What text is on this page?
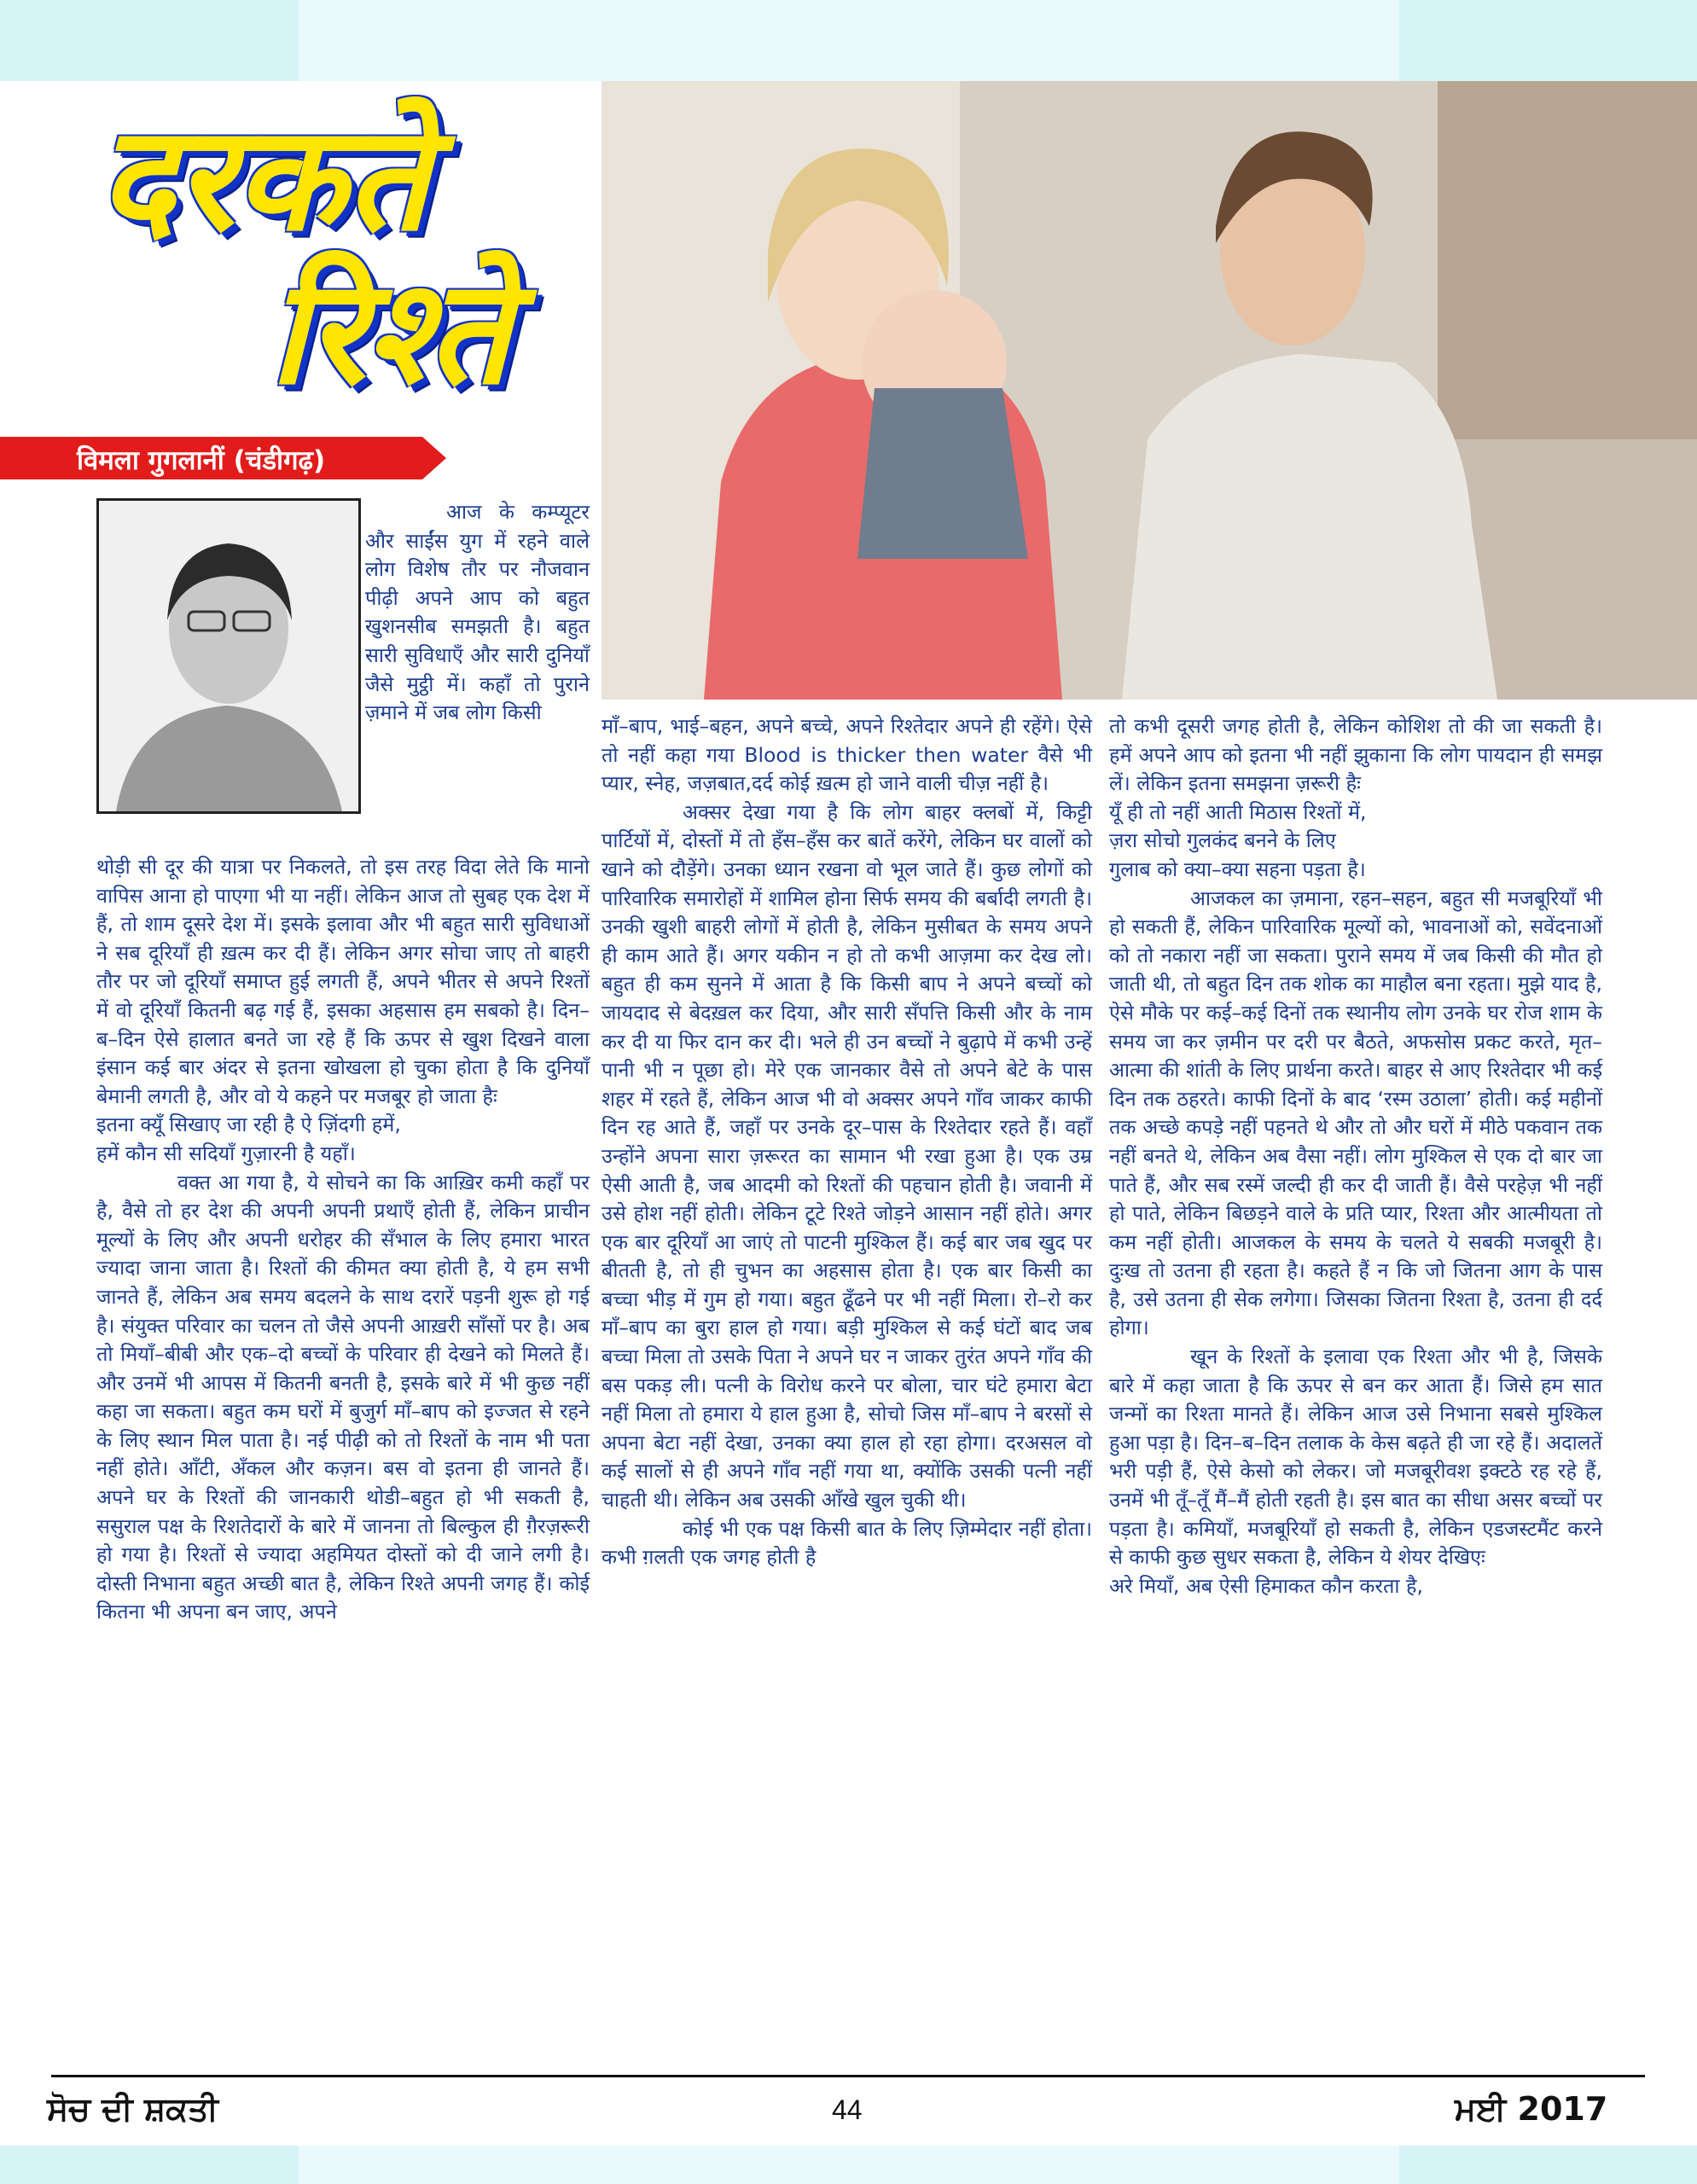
दरकते
रिश्ते
विमला गुगलानीं (चंडीगढ़)

आज के कम्प्यूटर और साईंस युग में रहने वाले लोग विशेष तौर पर नौजवान पीढ़ी अपने आप को बहुत खुशनसीब समझती है। बहुत सारी सुविधाएँ और सारी दुनियाँ जैसे मुट्ठी में। कहाँ तो पुराने ज़माने में जब लोग किसी

थोड़ी सी दूर की यात्रा पर निकलते, तो इस तरह विदा लेते कि मानो वापिस आना हो पाएगा भी या नहीं। लेकिन आज तो सुबह एक देश में हैं, तो शाम दूसरे देश में। इसके इलावा और भी बहुत सारी सुविधाओं ने सब दूरियाँ ही ख़त्म कर दी हैं। लेकिन अगर सोचा जाए तो बाहरी तौर पर जो दूरियाँ समाप्त हुई लगती हैं, अपने भीतर से अपने रिश्तों में वो दूरियाँ कितनी बढ़ गई हैं, इसका अहसास हम सबको है। दिन–ब–दिन ऐसे हालात बनते जा रहे हैं कि ऊपर से खुश दिखने वाला इंसान कई बार अंदर से इतना खोखला हो चुका होता है कि दुनियाँ बेमानी लगती है, और वो ये कहने पर मजबूर हो जाता हैः

इतना क्यूँ सिखाए जा रही है ऐ ज़िंदगी हमें,

हमें कौन सी सदियाँ गुज़ारनी है यहाँ।

वक्त आ गया है, ये सोचने का कि आख़िर कमी कहाँ पर है, वैसे तो हर देश की अपनी अपनी प्रथाएँ होती हैं, लेकिन प्राचीन मूल्यों के लिए और अपनी धरोहर की सँभाल के लिए हमारा भारत ज्यादा जाना जाता है। रिश्तों की कीमत क्या होती है, ये हम सभी जानते हैं, लेकिन अब समय बदलने के साथ दरारें पड़नी शुरू हो गई है। संयुक्त परिवार का चलन तो जैसे अपनी आख़री साँसों पर है। अब तो मियाँ–बीबी और एक–दो बच्चों के परिवार ही देखने को मिलते हैं। और उनमें भी आपस में कितनी बनती है, इसके बारे में भी कुछ नहीं कहा जा सकता। बहुत कम घरों में बुजुर्ग माँ–बाप को इज्जत से रहने के लिए स्थान मिल पाता है। नई पीढ़ी को तो रिश्तों के नाम भी पता नहीं होते। आँटी, अँकल और कज़न। बस वो इतना ही जानते हैं। अपने घर के रिश्तों की जानकारी थोडी–बहुत हो भी सकती है, ससुराल पक्ष के रिशतेदारों के बारे में जानना तो बिल्कुल ही ग़ैरज़रूरी हो गया है। रिश्तों से ज्यादा अहमियत दोस्तों को दी जाने लगी है। दोस्ती निभाना बहुत अच्छी बात है, लेकिन रिश्ते अपनी जगह हैं। कोई कितना भी अपना बन जाए, अपने

माँ–बाप, भाई–बहन, अपने बच्चे, अपने रिश्तेदार अपने ही रहेंगे। ऐसे तो नहीं कहा गया Blood is thicker then water वैसे भी प्यार, स्नेह, जज़बात,दर्द कोई ख़त्म हो जाने वाली चीज़ नहीं है।

अक्सर देखा गया है कि लोग बाहर क्लबों में, किट्टी पार्टियों में, दोस्तों में तो हँस–हँस कर बातें करेंगे, लेकिन घर वालों को खाने को दौड़ेंगे। उनका ध्यान रखना वो भूल जाते हैं। कुछ लोगों को पारिवारिक समारोहों में शामिल होना सिर्फ समय की बर्बादी लगती है। उनकी खुशी बाहरी लोगों में होती है, लेकिन मुसीबत के समय अपने ही काम आते हैं। अगर यकीन न हो तो कभी आज़मा कर देख लो। बहुत ही कम सुनने में आता है कि किसी बाप ने अपने बच्चों को जायदाद से बेदख़ल कर दिया, और सारी सँपत्ति किसी और के नाम कर दी या फिर दान कर दी। भले ही उन बच्चों ने बुढ़ापे में कभी उन्हें पानी भी न पूछा हो। मेरे एक जानकार वैसे तो अपने बेटे के पास शहर में रहते हैं, लेकिन आज भी वो अक्सर अपने गाँव जाकर काफी दिन रह आते हैं, जहाँ पर उनके दूर–पास के रिश्तेदार रहते हैं। वहाँ उन्होंने अपना सारा ज़रूरत का सामान भी रखा हुआ है। एक उम्र ऐसी आती है, जब आदमी को रिश्तों की पहचान होती है। जवानी में उसे होश नहीं होती। लेकिन टूटे रिश्ते जोड़ने आसान नहीं होते। अगर एक बार दूरियाँ आ जाएं तो पाटनी मुश्किल हैं। कई बार जब खुद पर बीतती है, तो ही चुभन का अहसास होता है। एक बार किसी का बच्चा भीड़ में गुम हो गया। बहुत ढूँढने पर भी नहीं मिला। रो–रो कर माँ–बाप का बुरा हाल हो गया। बड़ी मुश्किल से कई घंटों बाद जब बच्चा मिला तो उसके पिता ने अपने घर न जाकर तुरंत अपने गाँव की बस पकड़ ली। पत्नी के विरोध करने पर बोला, चार घंटे हमारा बेटा नहीं मिला तो हमारा ये हाल हुआ है, सोचो जिस माँ–बाप ने बरसों से अपना बेटा नहीं देखा, उनका क्या हाल हो रहा होगा। दरअसल वो कई सालों से ही अपने गाँव नहीं गया था, क्योंकि उसकी पत्नी नहीं चाहती थी। लेकिन अब उसकी आँखे खुल चुकी थी।

कोई भी एक पक्ष किसी बात के लिए ज़िम्मेदार नहीं होता। कभी ग़लती एक जगह होती है

तो कभी दूसरी जगह होती है, लेकिन कोशिश तो की जा सकती है। हमें अपने आप को इतना भी नहीं झुकाना कि लोग पायदान ही समझ लें। लेकिन इतना समझना ज़रूरी हैः

यूँ ही तो नहीं आती मिठास रिश्तों में,

ज़रा सोचो गुलकंद बनने के लिए

गुलाब को क्या–क्या सहना पड़ता है।

आजकल का ज़माना, रहन–सहन, बहुत सी मजबूरियाँ भी हो सकती हैं, लेकिन पारिवारिक मूल्यों को, भावनाओं को, सवेंदनाओं को तो नकारा नहीं जा सकता। पुराने समय में जब किसी की मौत हो जाती थी, तो बहुत दिन तक शोक का माहौल बना रहता। मुझे याद है, ऐसे मौके पर कई–कई दिनों तक स्थानीय लोग उनके घर रोज शाम के समय जा कर ज़मीन पर दरी पर बैठते, अफसोस प्रकट करते, मृत–आत्मा की शांती के लिए प्रार्थना करते। बाहर से आए रिश्तेदार भी कई दिन तक ठहरते। काफी दिनों के बाद ‘रस्म उठाला’ होती। कई महीनों तक अच्छे कपड़े नहीं पहनते थे और तो और घरों में मीठे पकवान तक नहीं बनते थे, लेकिन अब वैसा नहीं। लोग मुश्किल से एक दो बार जा पाते हैं, और सब रस्में जल्दी ही कर दी जाती हैं। वैसे परहेज़ भी नहीं हो पाते, लेकिन बिछड़ने वाले के प्रति प्यार, रिश्ता और आत्मीयता तो कम नहीं होती। आजकल के समय के चलते ये सबकी मजबूरी है। दुःख तो उतना ही रहता है। कहते हैं न कि जो जितना आग के पास है, उसे उतना ही सेक लगेगा। जिसका जितना रिश्ता है, उतना ही दर्द होगा।

खून के रिश्तों के इलावा एक रिश्ता और भी है, जिसके बारे में कहा जाता है कि ऊपर से बन कर आता हैं। जिसे हम सात जन्मों का रिश्ता मानते हैं। लेकिन आज उसे निभाना सबसे मुश्किल हुआ पड़ा है। दिन–ब–दिन तलाक के केस बढ़ते ही जा रहे हैं। अदालतें भरी पड़ी हैं, ऐसे केसो को लेकर। जो मजबूरीवश इक्टठे रह रहे हैं, उनमें भी तूँ–तूँ मैं–मैं होती रहती है। इस बात का सीधा असर बच्चों पर पड़ता है। कमियाँ, मजबूरियाँ हो सकती है, लेकिन एडजस्टमैंट करने से काफी कुछ सुधर सकता है, लेकिन ये शेयर देखिएः

अरे मियाँ, अब ऐसी हिमाकत कौन करता है,

ਸੋਚ ਦੀ ਸ਼ਕਤੀ	44	ਮਈ 2017
